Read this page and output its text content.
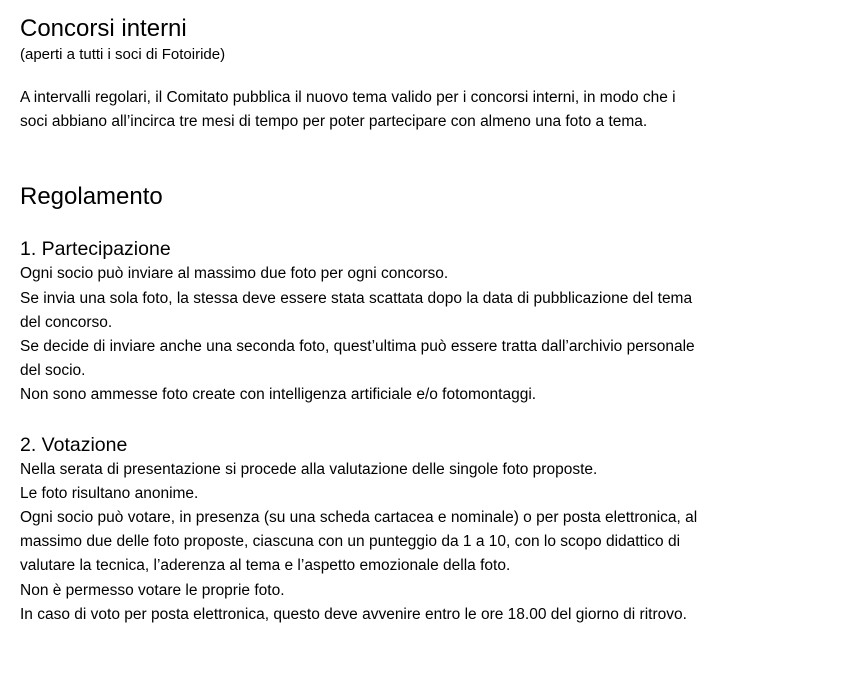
Concorsi interni

(aperti a tutti i soci di Fotoiride)

A intervalli regolari, il Comitato pubblica il nuovo tema valido per i concorsi interni, in modo che i

soci abbiano all’incirca tre mesi di tempo per poter partecipare con almeno una foto a tema.

Regolamento
1. Partecipazione

Ogni socio può inviare al massimo due foto per ogni concorso.

Se invia una sola foto, la stessa deve essere stata scattata dopo la data di pubblicazione del tema

del concorso.

Se decide di inviare anche una seconda foto, quest’ultima può essere tratta dall’archivio personale

del socio.

Non sono ammesse foto create con intelligenza artificiale e/o fotomontaggi.

2. Votazione

Nella serata di presentazione si procede alla valutazione delle singole foto proposte.

Le foto risultano anonime.

Ogni socio può votare, in presenza (su una scheda cartacea e nominale) o per posta elettronica, al

massimo due delle foto proposte, ciascuna con un punteggio da 1 a 10, con lo scopo didattico di

valutare la tecnica, l’aderenza al tema e l’aspetto emozionale della foto.

Non è permesso votare le proprie foto.

In caso di voto per posta elettronica, questo deve avvenire entro le ore 18.00 del giorno di ritrovo.
